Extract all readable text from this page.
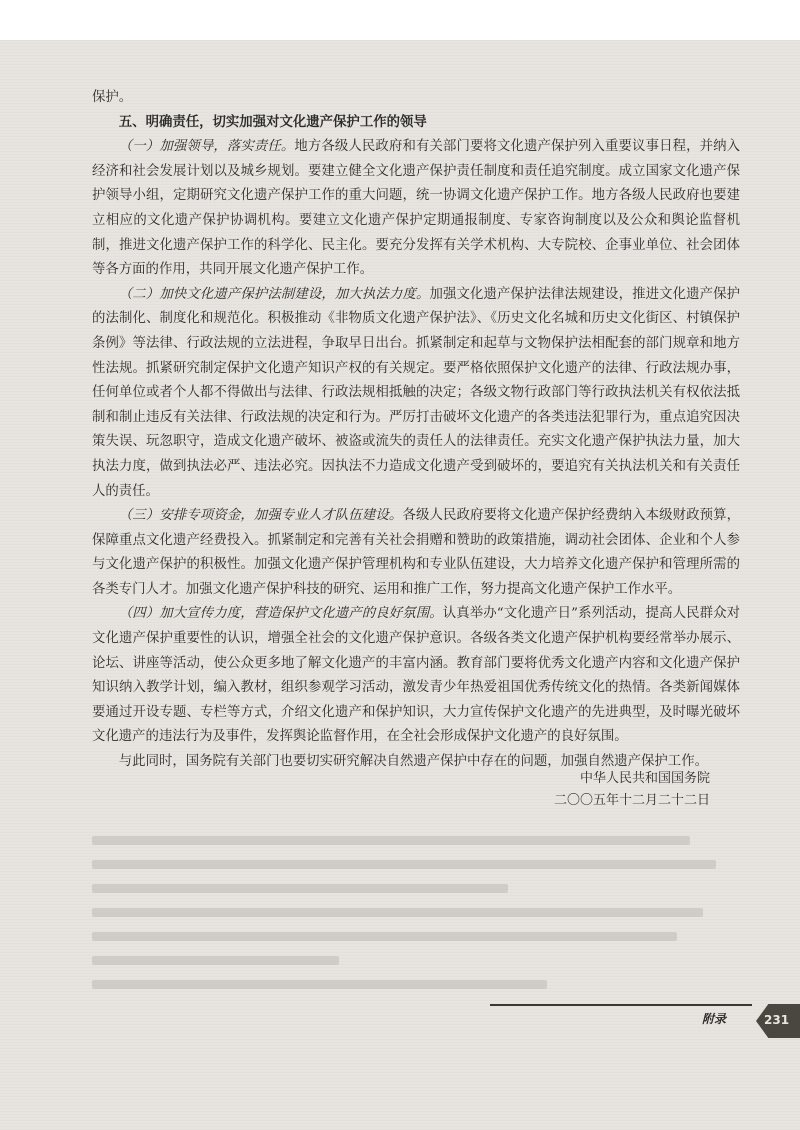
保护。

五、明确责任，切实加强对文化遗产保护工作的领导

（一）加强领导，落实责任。地方各级人民政府和有关部门要将文化遗产保护列入重要议事日程，并纳入经济和社会发展计划以及城乡规划。要建立健全文化遗产保护责任制度和责任追究制度。成立国家文化遗产保护领导小组，定期研究文化遗产保护工作的重大问题，统一协调文化遗产保护工作。地方各级人民政府也要建立相应的文化遗产保护协调机构。要建立文化遗产保护定期通报制度、专家咨询制度以及公众和舆论监督机制，推进文化遗产保护工作的科学化、民主化。要充分发挥有关学术机构、大专院校、企事业单位、社会团体等各方面的作用，共同开展文化遗产保护工作。

（二）加快文化遗产保护法制建设，加大执法力度。加强文化遗产保护法律法规建设，推进文化遗产保护的法制化、制度化和规范化。积极推动《非物质文化遗产保护法》、《历史文化名城和历史文化街区、村镇保护条例》等法律、行政法规的立法进程，争取早日出台。抓紧制定和起草与文物保护法相配套的部门规章和地方性法规。抓紧研究制定保护文化遗产知识产权的有关规定。要严格依照保护文化遗产的法律、行政法规办事，任何单位或者个人都不得做出与法律、行政法规相抵触的决定；各级文物行政部门等行政执法机关有权依法抵制和制止违反有关法律、行政法规的决定和行为。严厉打击破坏文化遗产的各类违法犯罪行为，重点追究因决策失误、玩忽职守，造成文化遗产破坏、被盗或流失的责任人的法律责任。充实文化遗产保护执法力量，加大执法力度，做到执法必严、违法必究。因执法不力造成文化遗产受到破坏的，要追究有关执法机关和有关责任人的责任。

（三）安排专项资金，加强专业人才队伍建设。各级人民政府要将文化遗产保护经费纳入本级财政预算，保障重点文化遗产经费投入。抓紧制定和完善有关社会捐赠和赞助的政策措施，调动社会团体、企业和个人参与文化遗产保护的积极性。加强文化遗产保护管理机构和专业队伍建设，大力培养文化遗产保护和管理所需的各类专门人才。加强文化遗产保护科技的研究、运用和推广工作，努力提高文化遗产保护工作水平。

（四）加大宣传力度，营造保护文化遗产的良好氛围。认真举办“文化遗产日”系列活动，提高人民群众对文化遗产保护重要性的认识，增强全社会的文化遗产保护意识。各级各类文化遗产保护机构要经常举办展示、论坛、讲座等活动，使公众更多地了解文化遗产的丰富内涵。教育部门要将优秀文化遗产内容和文化遗产保护知识纳入教学计划，编入教材，组织参观学习活动，激发青少年热爱祖国优秀传统文化的热情。各类新闻媒体要通过开设专题、专栏等方式，介绍文化遗产和保护知识，大力宣传保护文化遗产的先进典型，及时曝光破坏文化遗产的违法行为及事件，发挥舆论监督作用，在全社会形成保护文化遗产的良好氛围。

与此同时，国务院有关部门也要切实研究解决自然遗产保护中存在的问题，加强自然遗产保护工作。

中华人民共和国国务院
二〇〇五年十二月二十二日
附录	231
